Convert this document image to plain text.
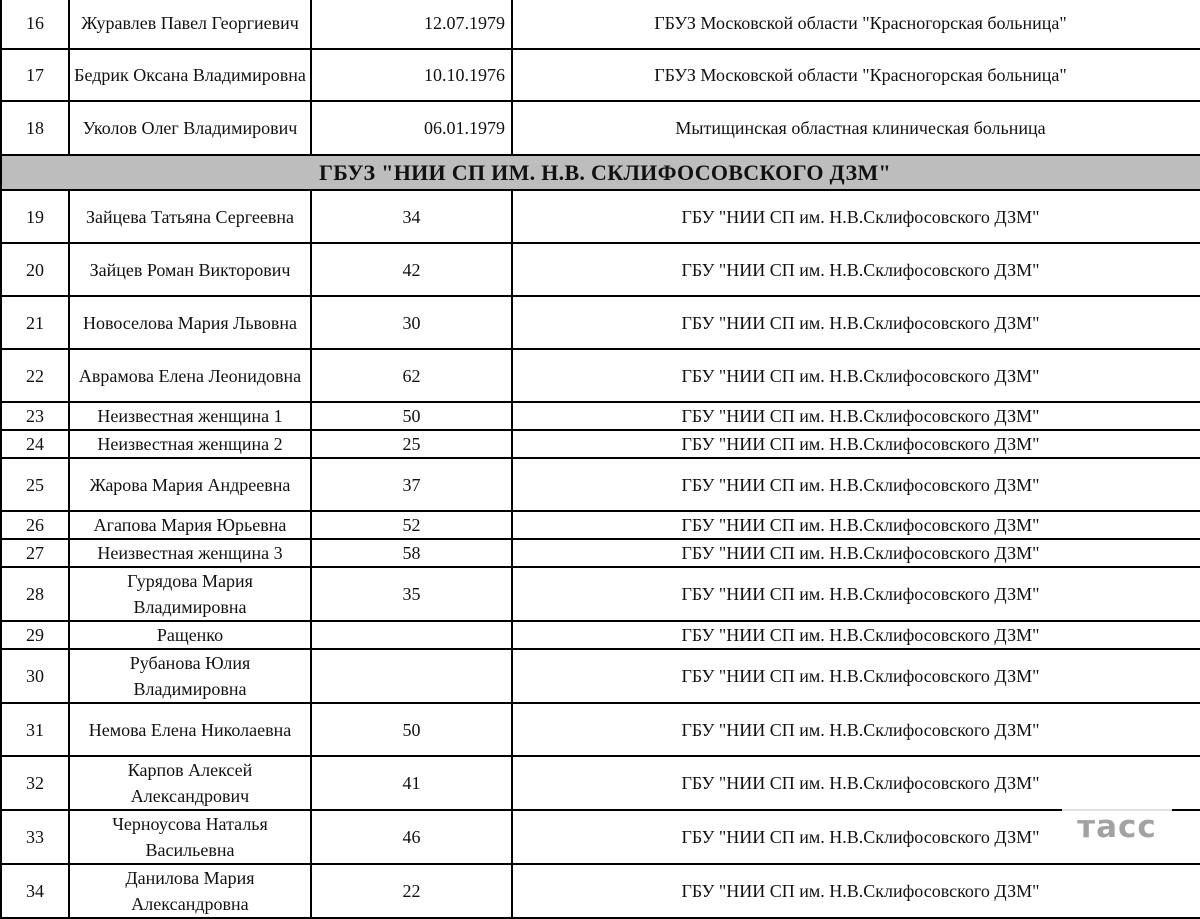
16	Журавлев Павел Георгиевич	12.07.1979	ГБУЗ Московской области "Красногорская больница"
17	Бедрик Оксана Владимировна	10.10.1976	ГБУЗ Московской области "Красногорская больница"
18	Уколов Олег Владимирович	06.01.1979	Мытищинская областная клиническая больница
ГБУЗ "НИИ СП ИМ. Н.В. СКЛИФОСОВСКОГО ДЗМ"			
19	Зайцева Татьяна Сергеевна	34	ГБУ "НИИ СП им. Н.В.Склифосовского ДЗМ"
20	Зайцев Роман Викторович	42	ГБУ "НИИ СП им. Н.В.Склифосовского ДЗМ"
21	Новоселова Мария Львовна	30	ГБУ "НИИ СП им. Н.В.Склифосовского ДЗМ"
22	Аврамова Елена Леонидовна	62	ГБУ "НИИ СП им. Н.В.Склифосовского ДЗМ"
23	Неизвестная женщина 1	50	ГБУ "НИИ СП им. Н.В.Склифосовского ДЗМ"
24	Неизвестная женщина 2	25	ГБУ "НИИ СП им. Н.В.Склифосовского ДЗМ"
25	Жарова Мария Андреевна	37	ГБУ "НИИ СП им. Н.В.Склифосовского ДЗМ"
26	Агапова Мария Юрьевна	52	ГБУ "НИИ СП им. Н.В.Склифосовского ДЗМ"
27	Неизвестная женщина 3	58	ГБУ "НИИ СП им. Н.В.Склифосовского ДЗМ"
28	Гурядова Мария Владимировна	35	ГБУ "НИИ СП им. Н.В.Склифосовского ДЗМ"
29	Ращенко		ГБУ "НИИ СП им. Н.В.Склифосовского ДЗМ"
30	Рубанова Юлия Владимировна		ГБУ "НИИ СП им. Н.В.Склифосовского ДЗМ"
31	Немова Елена Николаевна	50	ГБУ "НИИ СП им. Н.В.Склифосовского ДЗМ"
32	Карпов Алексей Александрович	41	ГБУ "НИИ СП им. Н.В.Склифосовского ДЗМ"
33	Черноусова Наталья Васильевна	46	ГБУ "НИИ СП им. Н.В.Склифосовского ДЗМ"
34	Данилова Мария Александровна	22	ГБУ "НИИ СП им. Н.В.Склифосовского ДЗМ"
тасс
